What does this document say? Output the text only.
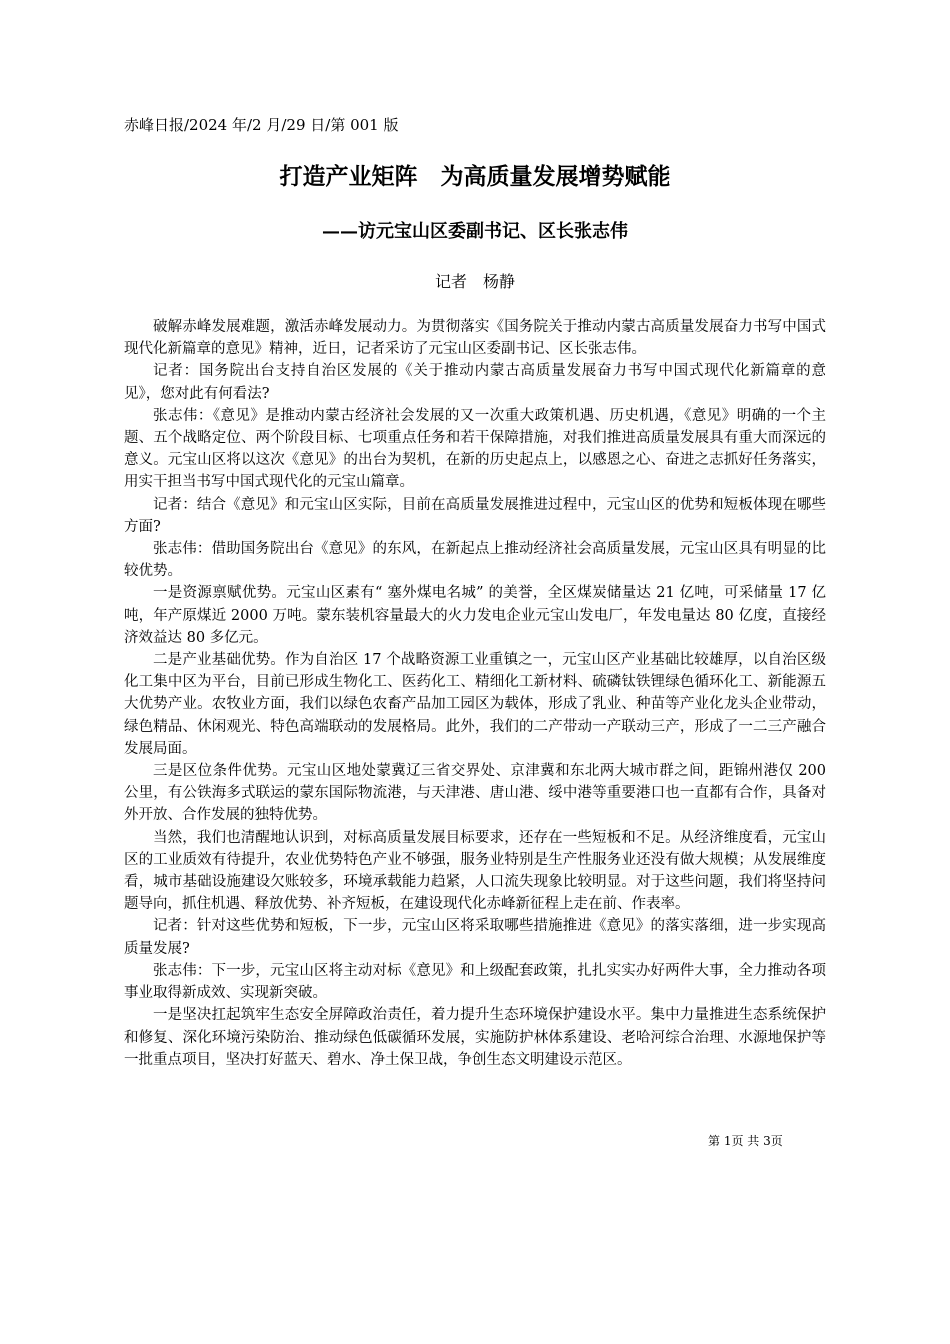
赤峰日报/2024 年/2 月/29 日/第 001 版
打造产业矩阵　为高质量发展增势赋能
——访元宝山区委副书记、区长张志伟
记者　杨静

破解赤峰发展难题，激活赤峰发展动力。为贯彻落实《国务院关于推动内蒙古高质量发展奋力书写中国式现代化新篇章的意见》精神，近日，记者采访了元宝山区委副书记、区长张志伟。

记者：国务院出台支持自治区发展的《关于推动内蒙古高质量发展奋力书写中国式现代化新篇章的意见》，您对此有何看法?

张志伟：《意见》是推动内蒙古经济社会发展的又一次重大政策机遇、历史机遇，《意见》明确的一个主题、五个战略定位、两个阶段目标、七项重点任务和若干保障措施，对我们推进高质量发展具有重大而深远的意义。元宝山区将以这次《意见》的出台为契机，在新的历史起点上，以感恩之心、奋进之志抓好任务落实，用实干担当书写中国式现代化的元宝山篇章。

记者：结合《意见》和元宝山区实际，目前在高质量发展推进过程中，元宝山区的优势和短板体现在哪些方面?

张志伟：借助国务院出台《意见》的东风，在新起点上推动经济社会高质量发展，元宝山区具有明显的比较优势。

一是资源禀赋优势。元宝山区素有“ 塞外煤电名城” 的美誉，全区煤炭储量达 21 亿吨，可采储量 17 亿吨，年产原煤近 2000 万吨。蒙东装机容量最大的火力发电企业元宝山发电厂，年发电量达 80 亿度，直接经济效益达 80 多亿元。

二是产业基础优势。作为自治区 17 个战略资源工业重镇之一，元宝山区产业基础比较雄厚，以自治区级化工集中区为平台，目前已形成生物化工、医药化工、精细化工新材料、硫磷钛铁锂绿色循环化工、新能源五大优势产业。农牧业方面，我们以绿色农畜产品加工园区为载体，形成了乳业、种苗等产业化龙头企业带动，绿色精品、休闲观光、特色高端联动的发展格局。此外，我们的二产带动一产联动三产，形成了一二三产融合发展局面。

三是区位条件优势。元宝山区地处蒙冀辽三省交界处、京津冀和东北两大城市群之间，距锦州港仅 200 公里，有公铁海多式联运的蒙东国际物流港，与天津港、唐山港、绥中港等重要港口也一直都有合作，具备对外开放、合作发展的独特优势。

当然，我们也清醒地认识到，对标高质量发展目标要求，还存在一些短板和不足。从经济维度看，元宝山区的工业质效有待提升，农业优势特色产业不够强，服务业特别是生产性服务业还没有做大规模；从发展维度看，城市基础设施建设欠账较多，环境承载能力趋紧，人口流失现象比较明显。对于这些问题，我们将坚持问题导向，抓住机遇、释放优势、补齐短板，在建设现代化赤峰新征程上走在前、作表率。

记者：针对这些优势和短板，下一步，元宝山区将采取哪些措施推进《意见》的落实落细，进一步实现高质量发展?

张志伟：下一步，元宝山区将主动对标《意见》和上级配套政策，扎扎实实办好两件大事，全力推动各项事业取得新成效、实现新突破。

一是坚决扛起筑牢生态安全屏障政治责任，着力提升生态环境保护建设水平。集中力量推进生态系统保护和修复、深化环境污染防治、推动绿色低碳循环发展，实施防护林体系建设、老哈河综合治理、水源地保护等一批重点项目，坚决打好蓝天、碧水、净土保卫战，争创生态文明建设示范区。

第 1页 共 3页
